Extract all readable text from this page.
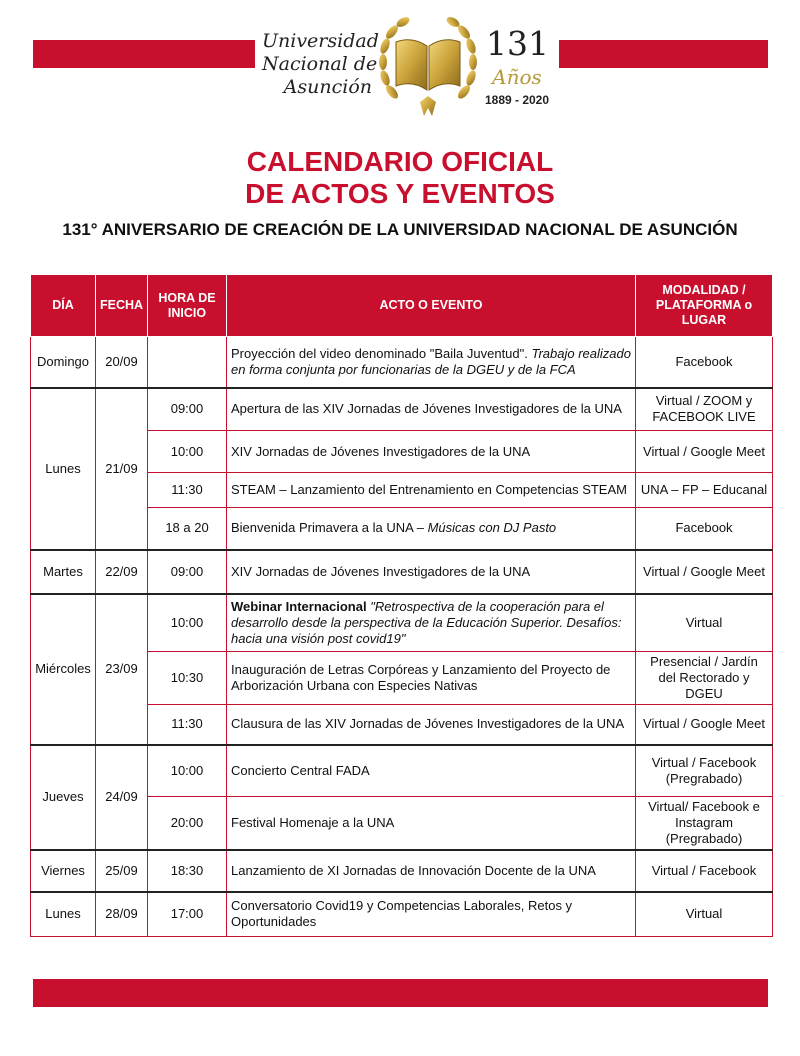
Universidad
Nacional de
Asunción
131
Años
1889 - 2020
CALENDARIO OFICIAL
DE ACTOS Y EVENTOS
131° ANIVERSARIO DE CREACIÓN DE LA UNIVERSIDAD NACIONAL DE ASUNCIÓN
DÍA	FECHA	HORA DE INICIO	ACTO O EVENTO	MODALIDAD / PLATAFORMA o LUGAR
Domingo	20/09		Proyección del video denominado "Baila Juventud". Trabajo realizado en forma conjunta por funcionarias de la DGEU y de la FCA	Facebook
Lunes	21/09	09:00	Apertura de las XIV Jornadas de Jóvenes Investigadores de la UNA	Virtual / ZOOM y FACEBOOK LIVE
		10:00	XIV Jornadas de Jóvenes Investigadores de la UNA	Virtual / Google Meet
		11:30	STEAM – Lanzamiento del Entrenamiento en Competencias STEAM	UNA – FP – Educanal
		18 a 20	Bienvenida Primavera a la UNA – Músicas con DJ Pasto	Facebook
Martes	22/09	09:00	XIV Jornadas de Jóvenes Investigadores de la UNA	Virtual / Google Meet
Miércoles	23/09	10:00	Webinar Internacional "Retrospectiva de la cooperación para el desarrollo desde la perspectiva de la Educación Superior. Desafíos: hacia una visión post covid19"	Virtual
		10:30	Inauguración de Letras Corpóreas y Lanzamiento del Proyecto de Arborización Urbana con Especies Nativas	Presencial / Jardín del Rectorado y DGEU
		11:30	Clausura de las XIV Jornadas de Jóvenes Investigadores de la UNA	Virtual / Google Meet
Jueves	24/09	10:00	Concierto Central FADA	Virtual / Facebook (Pregrabado)
		20:00	Festival Homenaje a la UNA	Virtual/ Facebook e Instagram (Pregrabado)
Viernes	25/09	18:30	Lanzamiento de XI Jornadas de Innovación Docente de la UNA	Virtual / Facebook
Lunes	28/09	17:00	Conversatorio Covid19 y Competencias Laborales, Retos y Oportunidades	Virtual
